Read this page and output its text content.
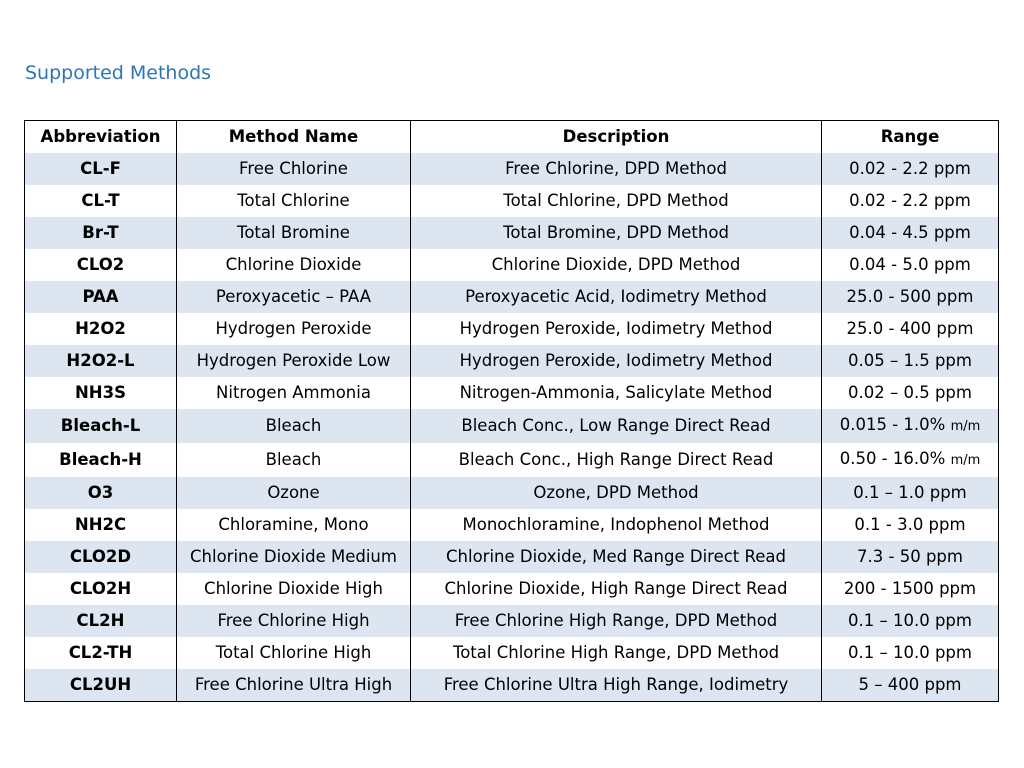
Supported Methods
Abbreviation	Method Name	Description	Range
CL-F	Free Chlorine	Free Chlorine, DPD Method	0.02 - 2.2 ppm
CL-T	Total Chlorine	Total Chlorine, DPD Method	0.02 - 2.2 ppm
Br-T	Total Bromine	Total Bromine, DPD Method	0.04 - 4.5 ppm
CLO2	Chlorine Dioxide	Chlorine Dioxide, DPD Method	0.04 - 5.0 ppm
PAA	Peroxyacetic – PAA	Peroxyacetic Acid, Iodimetry Method	25.0 - 500 ppm
H2O2	Hydrogen Peroxide	Hydrogen Peroxide, Iodimetry Method	25.0 - 400 ppm
H2O2-L	Hydrogen Peroxide Low	Hydrogen Peroxide, Iodimetry Method	0.05 – 1.5 ppm
NH3S	Nitrogen Ammonia	Nitrogen-Ammonia, Salicylate Method	0.02 – 0.5 ppm
Bleach-L	Bleach	Bleach Conc., Low Range Direct Read	0.015 - 1.0% m/m
Bleach-H	Bleach	Bleach Conc., High Range Direct Read	0.50 - 16.0% m/m
O3	Ozone	Ozone, DPD Method	0.1 – 1.0 ppm
NH2C	Chloramine, Mono	Monochloramine, Indophenol Method	0.1 - 3.0 ppm
CLO2D	Chlorine Dioxide Medium	Chlorine Dioxide, Med Range Direct Read	7.3 - 50 ppm
CLO2H	Chlorine Dioxide High	Chlorine Dioxide, High Range Direct Read	200 - 1500 ppm
CL2H	Free Chlorine High	Free Chlorine High Range, DPD Method	0.1 – 10.0 ppm
CL2-TH	Total Chlorine High	Total Chlorine High Range, DPD Method	0.1 – 10.0 ppm
CL2UH	Free Chlorine Ultra High	Free Chlorine Ultra High Range, Iodimetry	5 – 400 ppm
